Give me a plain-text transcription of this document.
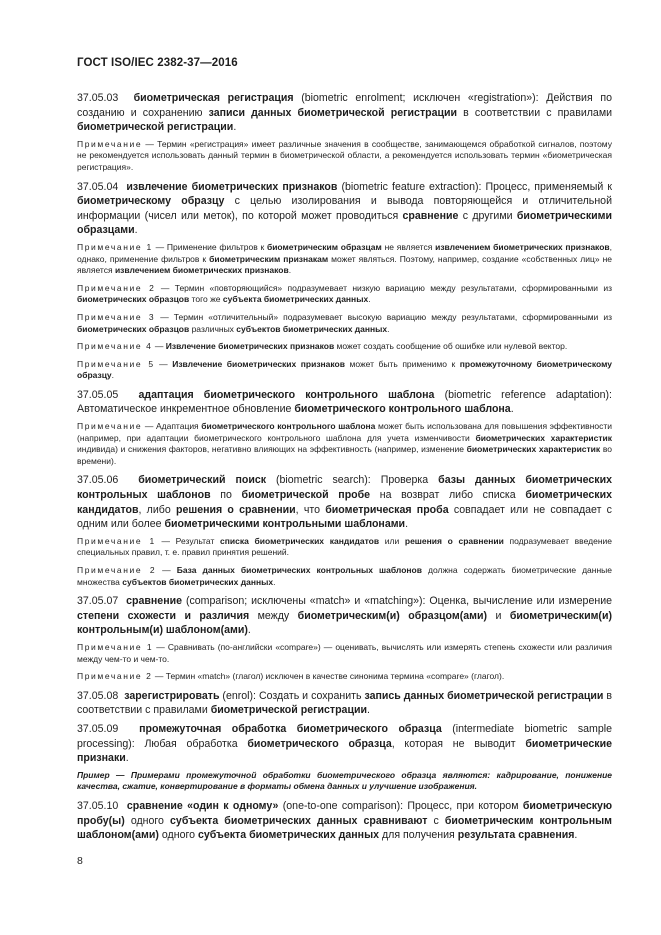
ГОСТ ISO/IEC 2382-37—2016

37.05.03 биометрическая регистрация (biometric enrolment; исключен «registration»): Действия по созданию и сохранению записи данных биометрической регистрации в соответствии с правилами биометрической регистрации.

Примечание — Термин «регистрация» имеет различные значения в сообществе, занимающемся обработкой сигналов, поэтому не рекомендуется использовать данный термин в биометрической области, а рекомендуется использовать термин «биометрическая регистрация».

37.05.04 извлечение биометрических признаков (biometric feature extraction): Процесс, применяемый к биометрическому образцу с целью изолирования и вывода повторяющейся и отличительной информации (чисел или меток), по которой может проводиться сравнение с другими биометрическими образцами.

Примечание 1 — Применение фильтров к биометрическим образцам не является извлечением биометрических признаков, однако, применение фильтров к биометрическим признакам может являться. Поэтому, например, создание «собственных лиц» не является извлечением биометрических признаков.

Примечание 2 — Термин «повторяющийся» подразумевает низкую вариацию между результатами, сформированными из биометрических образцов того же субъекта биометрических данных.

Примечание 3 — Термин «отличительный» подразумевает высокую вариацию между результатами, сформированными из биометрических образцов различных субъектов биометрических данных.

Примечание 4 — Извлечение биометрических признаков может создать сообщение об ошибке или нулевой вектор.

Примечание 5 — Извлечение биометрических признаков может быть применимо к промежуточному биометрическому образцу.

37.05.05 адаптация биометрического контрольного шаблона (biometric reference adaptation): Автоматическое инкрементное обновление биометрического контрольного шаблона.

Примечание — Адаптация биометрического контрольного шаблона может быть использована для повышения эффективности (например, при адаптации биометрического контрольного шаблона для учета изменчивости биометрических характеристик индивида) и снижения факторов, негативно влияющих на эффективность (например, изменение биометрических характеристик во времени).

37.05.06 биометрический поиск (biometric search): Проверка базы данных биометрических контрольных шаблонов по биометрической пробе на возврат либо списка биометрических кандидатов, либо решения о сравнении, что биометрическая проба совпадает или не совпадает с одним или более биометрическими контрольными шаблонами.

Примечание 1 — Результат списка биометрических кандидатов или решения о сравнении подразумевает введение специальных правил, т. е. правил принятия решений.

Примечание 2 — База данных биометрических контрольных шаблонов должна содержать биометрические данные множества субъектов биометрических данных.

37.05.07 сравнение (comparison; исключены «match» и «matching»): Оценка, вычисление или измерение степени схожести и различия между биометрическим(и) образцом(ами) и биометрическим(и) контрольным(и) шаблоном(ами).

Примечание 1 — Сравнивать (по-английски «compare») — оценивать, вычислять или измерять степень схожести или различия между чем-то и чем-то.

Примечание 2 — Термин «match» (глагол) исключен в качестве синонима термина «compare» (глагол).

37.05.08 зарегистрировать (enrol): Создать и сохранить запись данных биометрической регистрации в соответствии с правилами биометрической регистрации.

37.05.09 промежуточная обработка биометрического образца (intermediate biometric sample processing): Любая обработка биометрического образца, которая не выводит биометрические признаки.

Пример — Примерами промежуточной обработки биометрического образца являются: кадрирование, понижение качества, сжатие, конвертирование в форматы обмена данных и улучшение изображения.

37.05.10 сравнение «один к одному» (one-to-one comparison): Процесс, при котором биометрическую пробу(ы) одного субъекта биометрических данных сравнивают с биометрическим контрольным шаблоном(ами) одного субъекта биометрических данных для получения результата сравнения.

8
